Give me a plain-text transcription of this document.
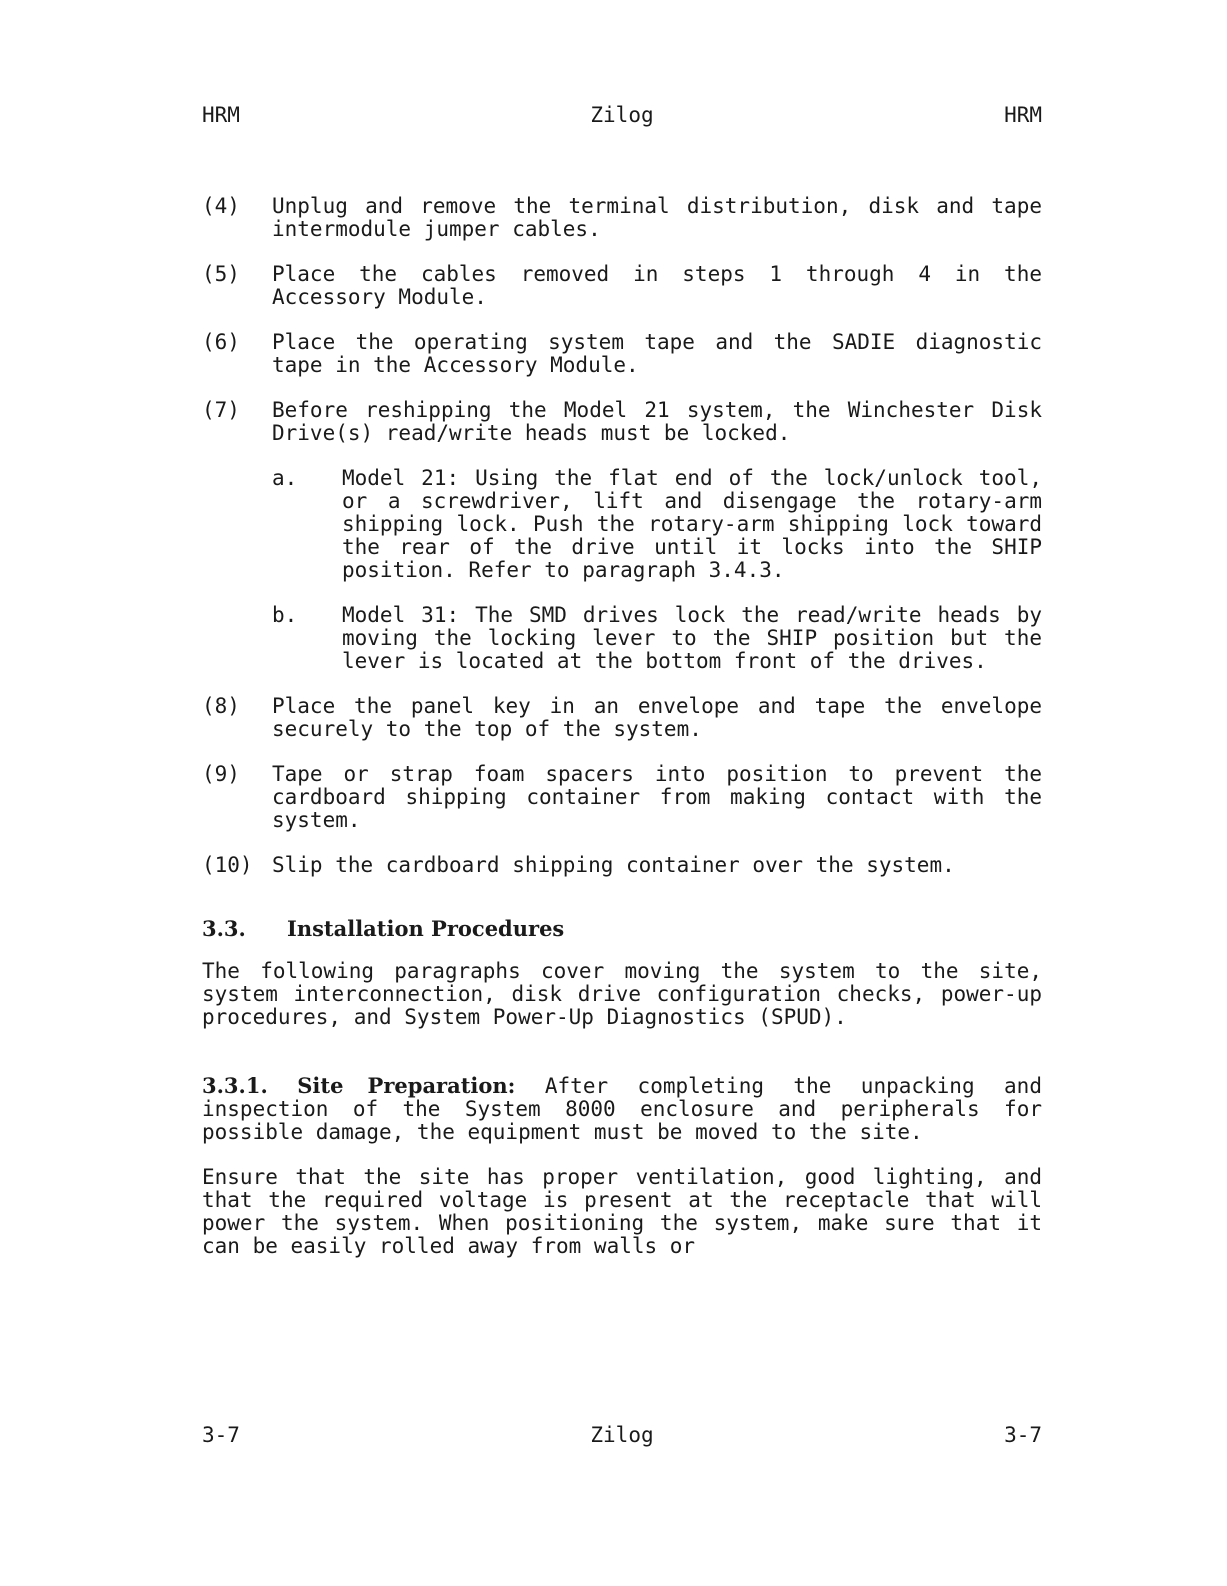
HRM	Zilog	HRM
(4)	Unplug and remove the terminal distribution, disk and tape intermodule jumper cables.
(5)	Place the cables removed in steps 1 through 4 in the Accessory Module.
(6)	Place the operating system tape and the SADIE diagnostic tape in the Accessory Module.
(7)	Before reshipping the Model 21 system, the Winchester Disk Drive(s) read/write heads must be locked.
a.	Model 21: Using the flat end of the lock/unlock tool, or a screwdriver, lift and disengage the rotary-arm shipping lock. Push the rotary-arm shipping lock toward the rear of the drive until it locks into the SHIP position. Refer to paragraph 3.4.3.
b.	Model 31: The SMD drives lock the read/write heads by moving the locking lever to the SHIP position but the lever is located at the bottom front of the drives.
(8)	Place the panel key in an envelope and tape the envelope securely to the top of the system.
(9)	Tape or strap foam spacers into position to prevent the cardboard shipping container from making contact with the system.
(10) Slip the cardboard shipping container over the system.
3.3. Installation Procedures
The following paragraphs cover moving the system to the site, system interconnection, disk drive configuration checks, power-up procedures, and System Power-Up Diagnostics (SPUD).
3.3.1. Site Preparation: After completing the unpacking and inspection of the System 8000 enclosure and peripherals for possible damage, the equipment must be moved to the site.
Ensure that the site has proper ventilation, good lighting, and that the required voltage is present at the receptacle that will power the system. When positioning the system, make sure that it can be easily rolled away from walls or
3-7	Zilog	3-7
